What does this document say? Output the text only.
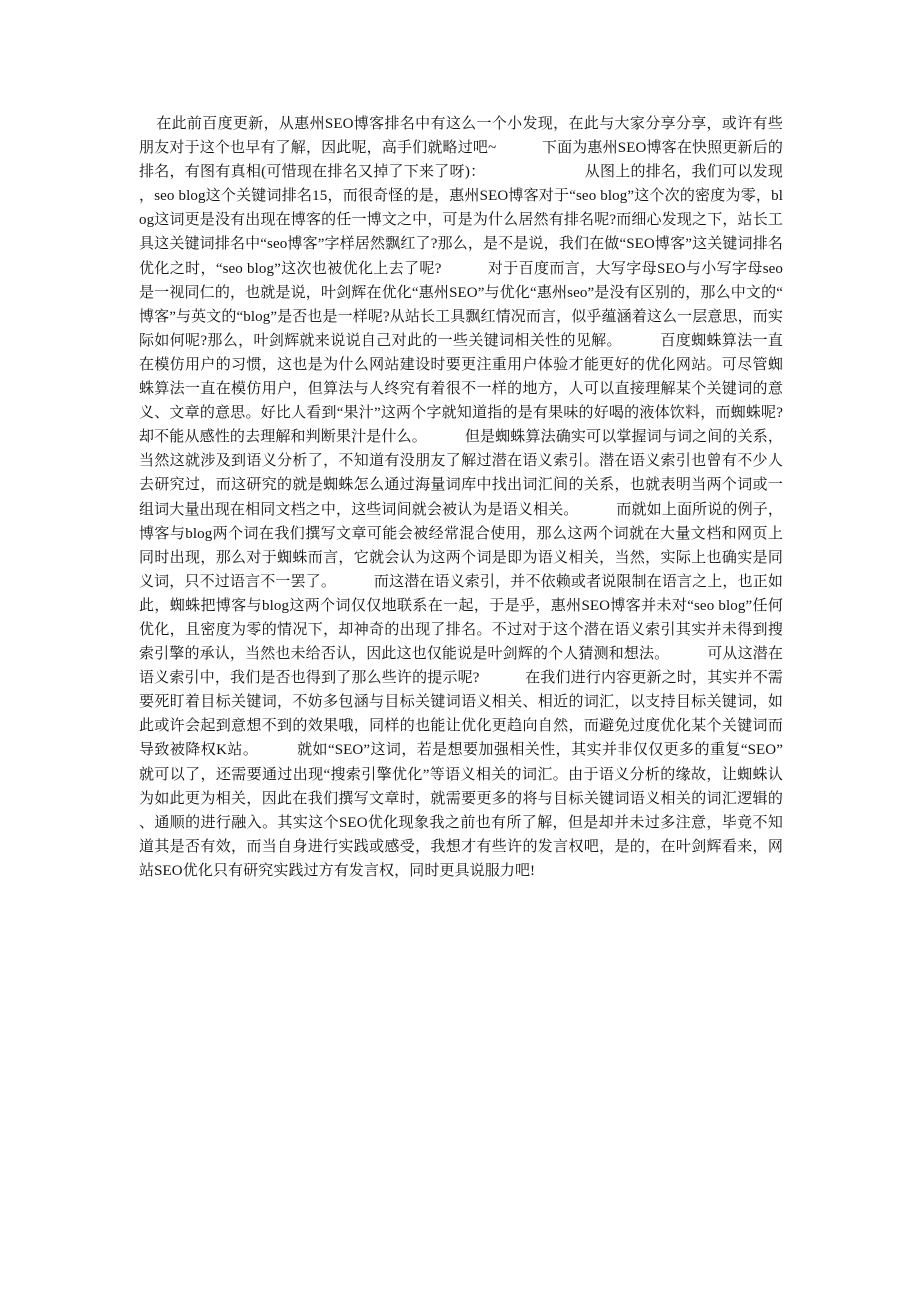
在此前百度更新，从惠州SEO博客排名中有这么一个小发现，在此与大家分享分享，或许有些朋友对于这个也早有了解，因此呢，高手们就略过吧~　　　下面为惠州SEO博客在快照更新后的排名，有图有真相(可惜现在排名又掉了下来了呀)：　　　　　　　从图上的排名，我们可以发现，seo blog这个关键词排名15，而很奇怪的是，惠州SEO博客对于“seo blog”这个次的密度为零，blog这词更是没有出现在博客的任一博文之中，可是为什么居然有排名呢?而细心发现之下，站长工具这关键词排名中“seo博客”字样居然飘红了?那么，是不是说，我们在做“SEO博客”这关键词排名优化之时，“seo blog”这次也被优化上去了呢?　　　对于百度而言，大写字母SEO与小写字母seo是一视同仁的，也就是说，叶剑辉在优化“惠州SEO”与优化“惠州seo”是没有区别的，那么中文的“博客”与英文的“blog”是否也是一样呢?从站长工具飘红情况而言，似乎蕴涵着这么一层意思，而实际如何呢?那么，叶剑辉就来说说自己对此的一些关键词相关性的见解。　　　百度蜘蛛算法一直在模仿用户的习惯，这也是为什么网站建设时要更注重用户体验才能更好的优化网站。可尽管蜘蛛算法一直在模仿用户，但算法与人终究有着很不一样的地方，人可以直接理解某个关键词的意义、文章的意思。好比人看到“果汁”这两个字就知道指的是有果味的好喝的液体饮料，而蜘蛛呢?却不能从感性的去理解和判断果汁是什么。　　　但是蜘蛛算法确实可以掌握词与词之间的关系，当然这就涉及到语义分析了，不知道有没朋友了解过潜在语义索引。潜在语义索引也曾有不少人去研究过，而这研究的就是蜘蛛怎么通过海量词库中找出词汇间的关系，也就表明当两个词或一组词大量出现在相同文档之中，这些词间就会被认为是语义相关。　　　而就如上面所说的例子，博客与blog两个词在我们撰写文章可能会被经常混合使用，那么这两个词就在大量文档和网页上同时出现，那么对于蜘蛛而言，它就会认为这两个词是即为语义相关，当然，实际上也确实是同义词，只不过语言不一罢了。　　　而这潜在语义索引，并不依赖或者说限制在语言之上，也正如此，蜘蛛把博客与blog这两个词仅仅地联系在一起，于是乎，惠州SEO博客并未对“seo blog”任何优化，且密度为零的情况下，却神奇的出现了排名。不过对于这个潜在语义索引其实并未得到搜索引擎的承认，当然也未给否认，因此这也仅能说是叶剑辉的个人猜测和想法。　　　可从这潜在语义索引中，我们是否也得到了那么些许的提示呢?　　　在我们进行内容更新之时，其实并不需要死盯着目标关键词，不妨多包涵与目标关键词语义相关、相近的词汇，以支持目标关键词，如此或许会起到意想不到的效果哦，同样的也能让优化更趋向自然，而避免过度优化某个关键词而导致被降权K站。　　　就如“SEO”这词，若是想要加强相关性，其实并非仅仅更多的重复“SEO”就可以了，还需要通过出现“搜索引擎优化”等语义相关的词汇。由于语义分析的缘故，让蜘蛛认为如此更为相关，因此在我们撰写文章时，就需要更多的将与目标关键词语义相关的词汇逻辑的、通顺的进行融入。其实这个SEO优化现象我之前也有所了解，但是却并未过多注意，毕竟不知道其是否有效，而当自身进行实践或感受，我想才有些许的发言权吧，是的，在叶剑辉看来，网站SEO优化只有研究实践过方有发言权，同时更具说服力吧!
